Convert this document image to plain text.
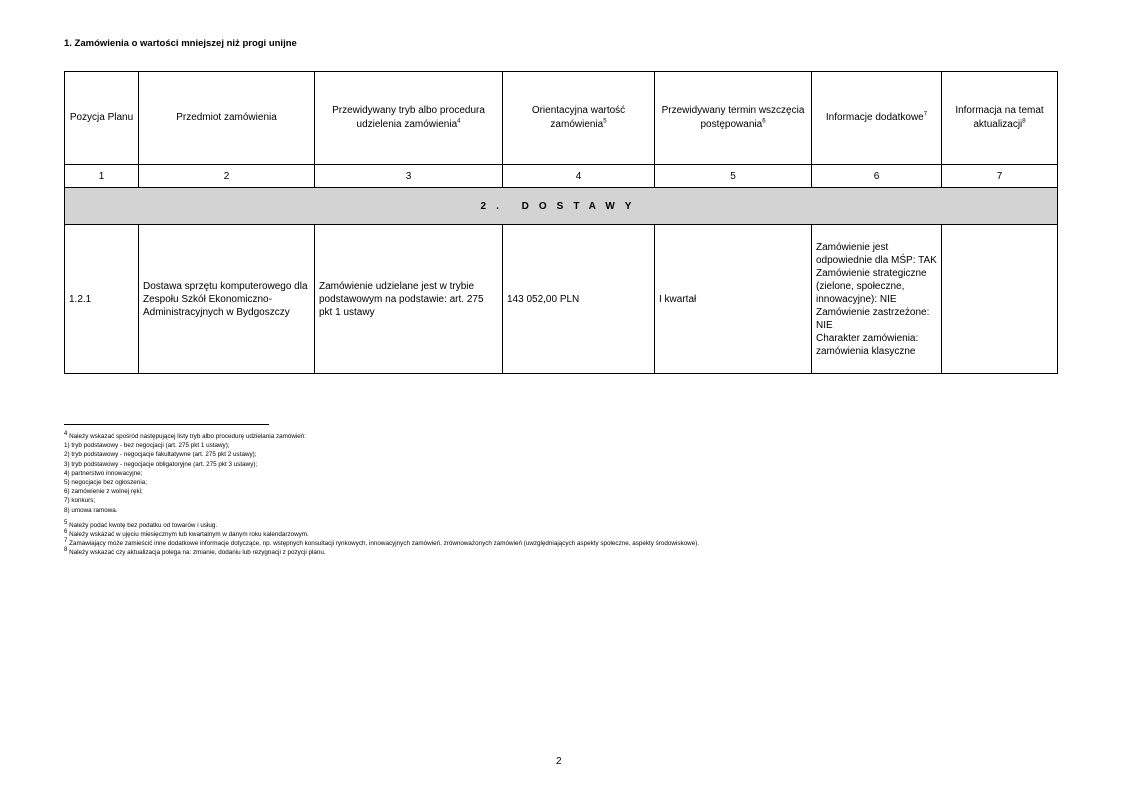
1. Zamówienia o wartości mniejszej niż progi unijne
Pozycja Planu	Przedmiot zamówienia	Przewidywany tryb albo procedura udzielenia zamówienia$^4$	Orientacyjna wartość zamówienia$^5$	Przewidywany termin wszczęcia postępowania$^6$	Informacje dodatkowe$^7$	Informacja na temat aktualizacji$^8$
1	2	3	4	5	6	7
2. DOSTAWY						
1.2.1	Dostawa sprzętu komputerowego dla Zespołu Szkół Ekonomiczno-Administracyjnych w Bydgoszczy	Zamówienie udzielane jest w trybie podstawowym na podstawie: art. 275 pkt 1 ustawy	143 052,00 PLN	I kwartał	Zamówienie jest odpowiednie dla MŚP: TAK
Zamówienie strategiczne (zielone, społeczne, innowacyjne): NIE
Zamówienie zastrzeżone: NIE
Charakter zamówienia: zamówienia klasyczne	

$^4$ Należy wskazać spośród następującej listy tryb albo procedurę udzielania zamówień:

1) tryb podstawowy - bez negocjacji (art. 275 pkt 1 ustawy);

2) tryb podstawowy - negocjacje fakultatywne (art. 275 pkt 2 ustawy);

3) tryb podstawowy - negocjacje obligatoryjne (art. 275 pkt 3 ustawy);

4) partnerstwo innowacyjne;

5) negocjacje bez ogłoszenia;

6) zamówienie z wolnej ręki;

7) konkurs;

8) umowa ramowa.

$^5$ Należy podać kwotę bez podatku od towarów i usług.

$^6$ Należy wskazać w ujęciu miesięcznym lub kwartalnym w danym roku kalendarzowym.

$^7$ Zamawiający może zamieścić inne dodatkowe informacje dotyczące, np. wstępnych konsultacji rynkowych, innowacyjnych zamówień, zrównoważonych zamówień (uwzględniających aspekty społeczne, aspekty środowiskowe).

$^8$ Należy wskazać czy aktualizacja polega na: zmianie, dodaniu lub rezygnacji z pozycji planu.

2
